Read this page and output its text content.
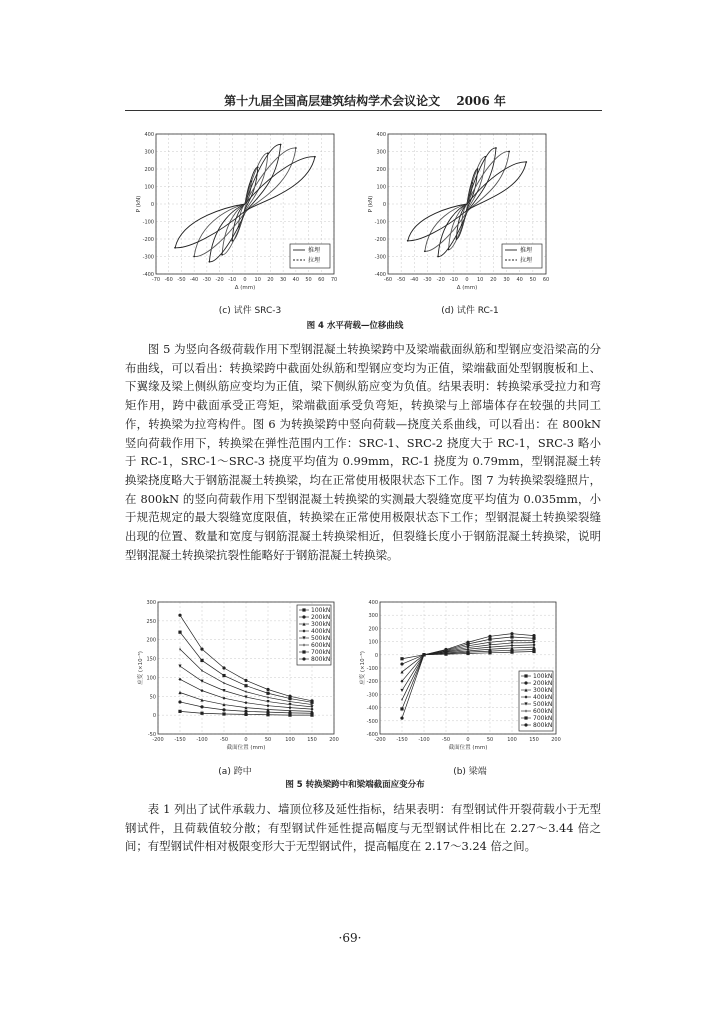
第十九届全国高层建筑结构学术会议论文 2006 年
-70 -60 -50 -40 -30 -20 -10 0 10 20 30 40 50 60 70
-400
-300
-200
-100
0
100
200
300
400
Δ (mm)
P (kN)
推埋
拉埋
-60 -50 -40 -30 -20 -10 0 10 20 30 40 50 60
-400
-300
-200
-100
0
100
200
300
400
Δ (mm)
P (kN)
推埋
拉埋
(c) 试件 SRC-3	(d) 试件 RC-1
图 4 水平荷载—位移曲线

图 5 为竖向各级荷载作用下型钢混凝土转换梁跨中及梁端截面纵筋和型钢应变沿梁高的分布曲线，可以看出：转换梁跨中截面处纵筋和型钢应变均为正值，梁端截面处型钢腹板和上、下翼缘及梁上侧纵筋应变均为正值，梁下侧纵筋应变为负值。结果表明：转换梁承受拉力和弯矩作用，跨中截面承受正弯矩，梁端截面承受负弯矩，转换梁与上部墙体存在较强的共同工作，转换梁为拉弯构件。图 6 为转换梁跨中竖向荷载—挠度关系曲线，可以看出：在 800kN 竖向荷载作用下，转换梁在弹性范围内工作：SRC-1、SRC-2 挠度大于 RC-1，SRC-3 略小于 RC-1，SRC-1～SRC-3 挠度平均值为 0.99mm，RC-1 挠度为 0.79mm，型钢混凝土转换梁挠度略大于钢筋混凝土转换梁，均在正常使用极限状态下工作。图 7 为转换梁裂缝照片，在 800kN 的竖向荷载作用下型钢混凝土转换梁的实测最大裂缝宽度平均值为 0.035mm，小于规范规定的最大裂缝宽度限值，转换梁在正常使用极限状态下工作；型钢混凝土转换梁裂缝出现的位置、数量和宽度与钢筋混凝土转换梁相近，但裂缝长度小于钢筋混凝土转换梁，说明型钢混凝土转换梁抗裂性能略好于钢筋混凝土转换梁。

-200 -150 -100 -50	0	50	100 150 200
-50
0
50
100
150
200
250
300
截面位置 (mm)
应变 (×10⁻⁶)
100kN
200kN
300kN
400kN
500kN
600kN
700kN
800kN
-200 -150 -100 -50	0	50	100 150 200
-600
-500
-400
-300
-200
-100
0
100
200
300
400
截面位置 (mm)
应变 (×10⁻⁶)	100kN
200kN
300kN
400kN
500kN
600kN
700kN
800kN
(a) 跨中	(b) 梁端
图 5 转换梁跨中和梁端截面应变分布

表 1 列出了试件承载力、墙顶位移及延性指标，结果表明：有型钢试件开裂荷载小于无型钢试件，且荷载值较分散；有型钢试件延性提高幅度与无型钢试件相比在 2.27～3.44 倍之间；有型钢试件相对极限变形大于无型钢试件，提高幅度在 2.17～3.24 倍之间。

·69·
